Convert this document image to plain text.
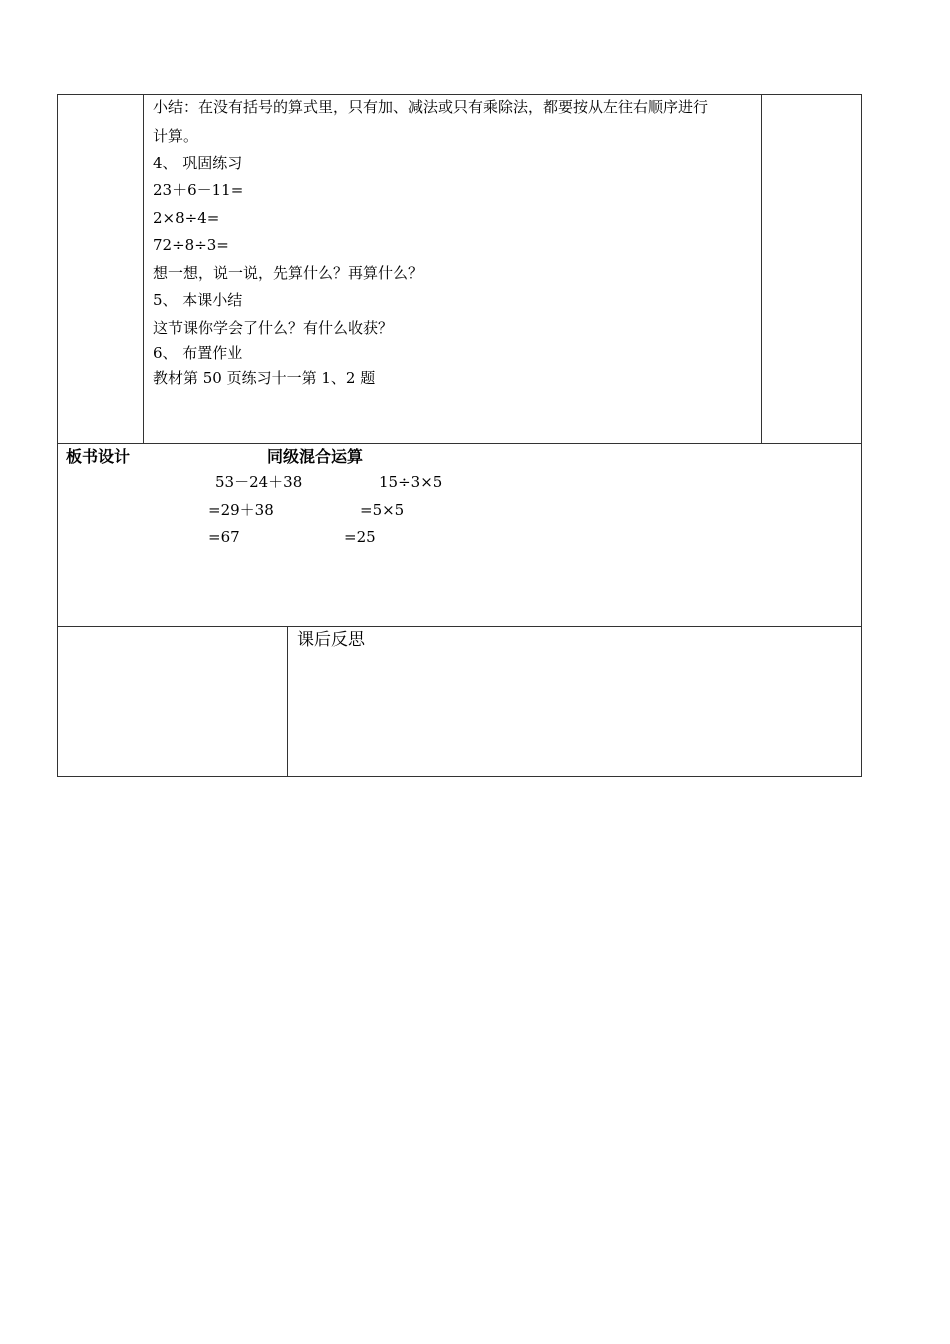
小结：在没有括号的算式里，只有加、减法或只有乘除法，都要按从左往右顺序进行
计算。
4、 巩固练习
23＋6－11=
2×8÷4=
72÷8÷3=
想一想，说一说，先算什么？再算什么？
5、 本课小结
这节课你学会了什么？有什么收获？
6、 布置作业
教材第 50 页练习十一第 1、2 题
板书设计	同级混合运算
53－24＋38
=29＋38
=67
15÷3×5
=5×5
=25
课后反思
